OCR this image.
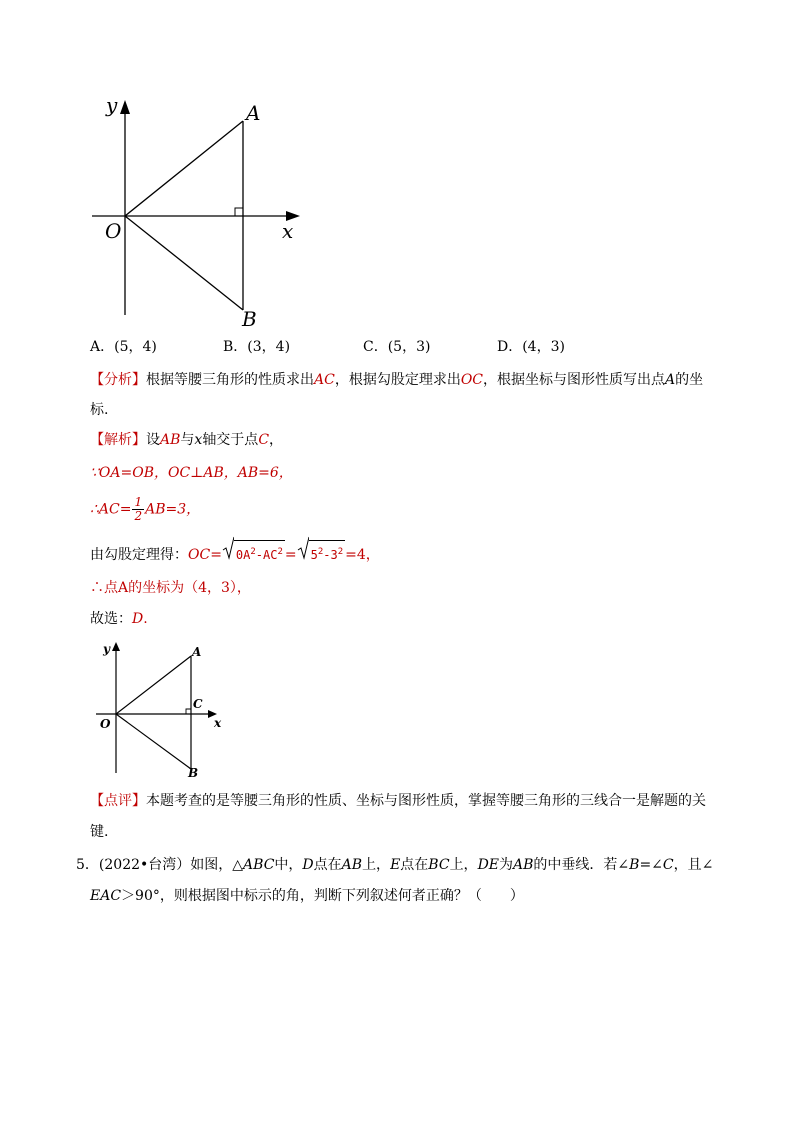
y
x
O
A
B
A．(5，4)	B．(3，4)	C．(5，3)	D．(4，3)
【分析】根据等腰三角形的性质求出AC，根据勾股定理求出OC，根据坐标与图形性质写出点A的坐
标.
【解析】设AB与x轴交于点C，
∵OA=OB，OC⊥AB，AB=6，
∴AC= $\frac{1}{2} AB=3$，
由勾股定理得：$OC= 0A^2-AC^2 = 5^2-3^2 =4$，
∴点A的坐标为（4，3），
故选：D.
y
x
O
A
B
C
【点评】本题考查的是等腰三角形的性质、坐标与图形性质，掌握等腰三角形的三线合一是解题的关
键.
5．(2022•台湾）如图，△ABC中，D点在AB上，E点在BC上，DE为AB的中垂线．若∠B=∠C，且∠
EAC＞90°，则根据图中标示的角，判断下列叙述何者正确？（　　）
